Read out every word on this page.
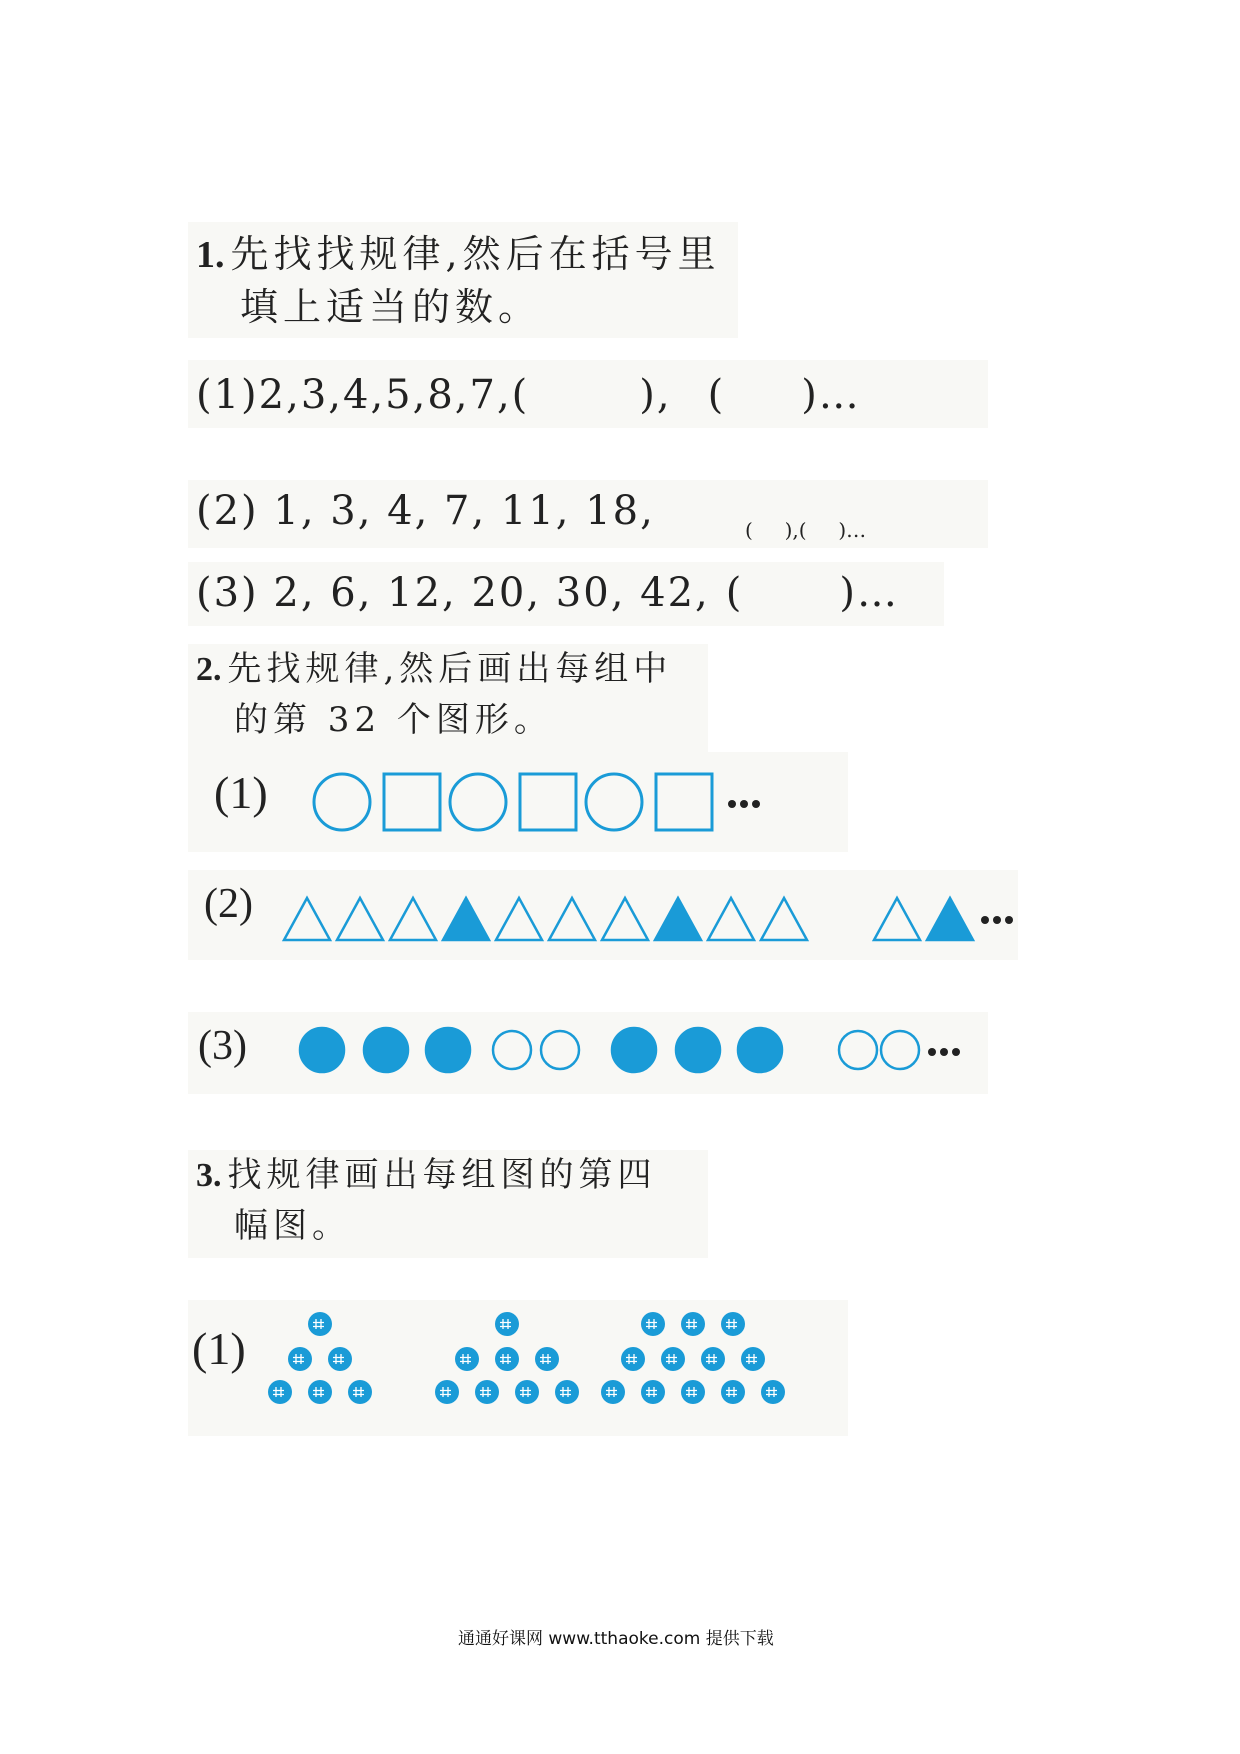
1. 先找找规律,然后在括号里
填上适当的数。
(1)2,3,4,5,8,7,(	), ( )…
(2) 1, 3, 4, 7, 11, 18,	(     ),(     )…
(3) 2, 6, 12, 20, 30, 42, ( )…
2. 先找规律,然后画出每组中
的第 32 个图形。
(1)
(2)
(3)
3. 找规律画出每组图的第四
幅图。
(1)
通通好课网 www.tthaoke.com 提供下载
